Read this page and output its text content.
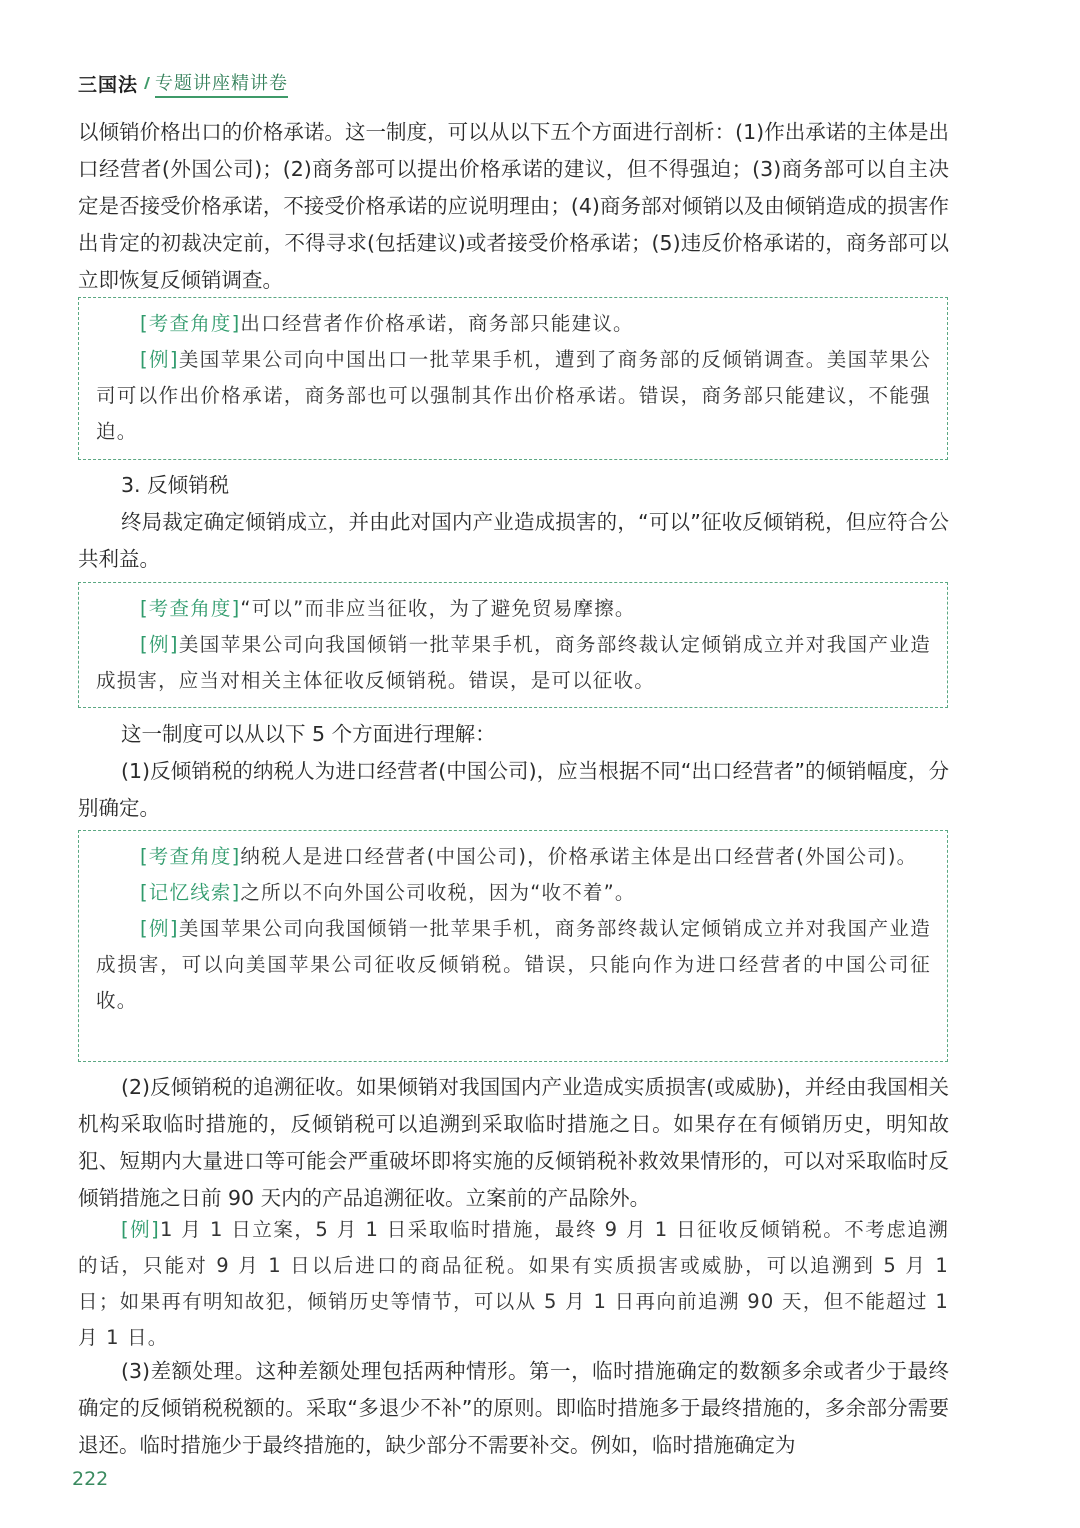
三国法 专题讲座精讲卷

以倾销价格出口的价格承诺。这一制度，可以从以下五个方面进行剖析：(1)作出承诺的主体是出口经营者(外国公司)；(2)商务部可以提出价格承诺的建议，但不得强迫；(3)商务部可以自主决定是否接受价格承诺，不接受价格承诺的应说明理由；(4)商务部对倾销以及由倾销造成的损害作出肯定的初裁决定前，不得寻求(包括建议)或者接受价格承诺；(5)违反价格承诺的，商务部可以立即恢复反倾销调查。

[考查角度]出口经营者作价格承诺，商务部只能建议。

[例]美国苹果公司向中国出口一批苹果手机，遭到了商务部的反倾销调查。美国苹果公司可以作出价格承诺，商务部也可以强制其作出价格承诺。错误，商务部只能建议，不能强迫。

3. 反倾销税

终局裁定确定倾销成立，并由此对国内产业造成损害的，“可以”征收反倾销税，但应符合公共利益。

[考查角度]“可以”而非应当征收，为了避免贸易摩擦。

[例]美国苹果公司向我国倾销一批苹果手机，商务部终裁认定倾销成立并对我国产业造成损害，应当对相关主体征收反倾销税。错误，是可以征收。

这一制度可以从以下 5 个方面进行理解：

(1)反倾销税的纳税人为进口经营者(中国公司)，应当根据不同“出口经营者”的倾销幅度，分别确定。

[考查角度]纳税人是进口经营者(中国公司)，价格承诺主体是出口经营者(外国公司)。

[记忆线索]之所以不向外国公司收税，因为“收不着”。

[例]美国苹果公司向我国倾销一批苹果手机，商务部终裁认定倾销成立并对我国产业造成损害，可以向美国苹果公司征收反倾销税。错误，只能向作为进口经营者的中国公司征收。

(2)反倾销税的追溯征收。如果倾销对我国国内产业造成实质损害(或威胁)，并经由我国相关机构采取临时措施的，反倾销税可以追溯到采取临时措施之日。如果存在有倾销历史，明知故犯、短期内大量进口等可能会严重破坏即将实施的反倾销税补救效果情形的，可以对采取临时反倾销措施之日前 90 天内的产品追溯征收。立案前的产品除外。

[例]1 月 1 日立案，5 月 1 日采取临时措施，最终 9 月 1 日征收反倾销税。不考虑追溯的话，只能对 9 月 1 日以后进口的商品征税。如果有实质损害或威胁，可以追溯到 5 月 1 日；如果再有明知故犯，倾销历史等情节，可以从 5 月 1 日再向前追溯 90 天，但不能超过 1 月 1 日。

(3)差额处理。这种差额处理包括两种情形。第一，临时措施确定的数额多余或者少于最终确定的反倾销税税额的。采取“多退少不补”的原则。即临时措施多于最终措施的，多余部分需要退还。临时措施少于最终措施的，缺少部分不需要补交。例如，临时措施确定为

222
